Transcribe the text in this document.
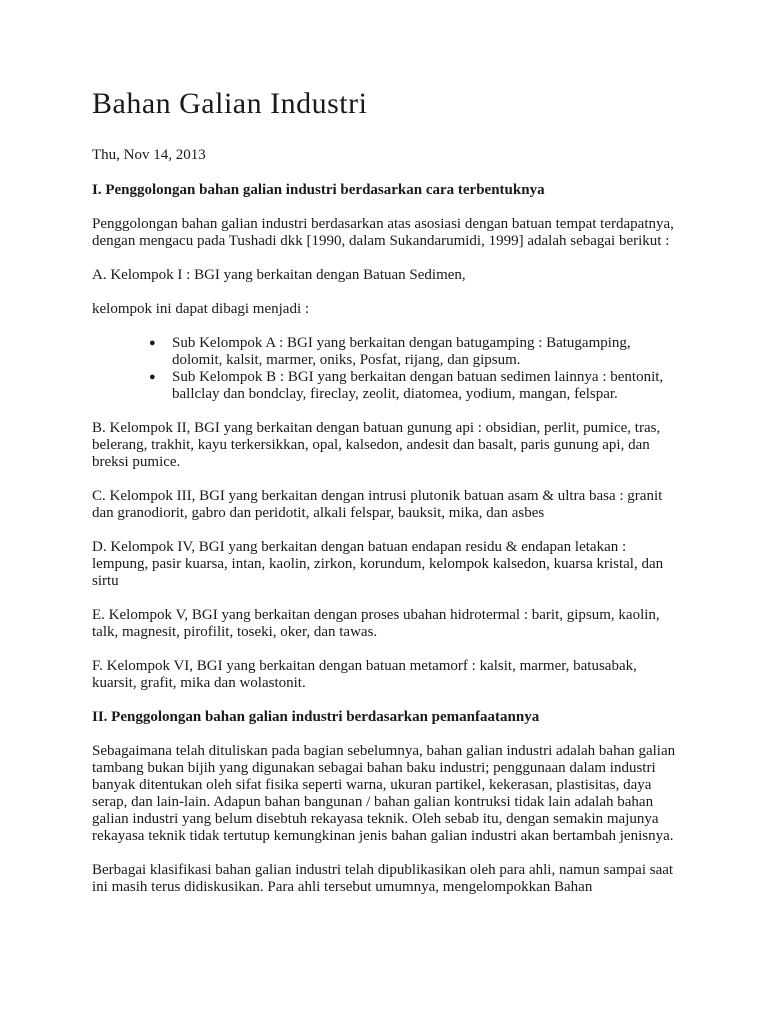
Bahan Galian Industri

Thu, Nov 14, 2013

I. Penggolongan bahan galian industri berdasarkan cara terbentuknya

Penggolongan bahan galian industri berdasarkan atas asosiasi dengan batuan tempat terdapatnya, dengan mengacu pada Tushadi dkk [1990, dalam Sukandarumidi, 1999] adalah sebagai berikut :

A. Kelompok I : BGI yang berkaitan dengan Batuan Sedimen,

kelompok ini dapat dibagi menjadi :

● Sub Kelompok A : BGI yang berkaitan dengan batugamping : Batugamping, dolomit, kalsit, marmer, oniks, Posfat, rijang, dan gipsum.
● Sub Kelompok B : BGI yang berkaitan dengan batuan sedimen lainnya : bentonit, ballclay dan bondclay, fireclay, zeolit, diatomea, yodium, mangan, felspar.

B. Kelompok II, BGI yang berkaitan dengan batuan gunung api : obsidian, perlit, pumice, tras, belerang, trakhit, kayu terkersikkan, opal, kalsedon, andesit dan basalt, paris gunung api, dan breksi pumice.

C. Kelompok III, BGI yang berkaitan dengan intrusi plutonik batuan asam & ultra basa : granit dan granodiorit, gabro dan peridotit, alkali felspar, bauksit, mika, dan asbes

D. Kelompok IV, BGI yang berkaitan dengan batuan endapan residu & endapan letakan : lempung, pasir kuarsa, intan, kaolin, zirkon, korundum, kelompok kalsedon, kuarsa kristal, dan sirtu

E. Kelompok V, BGI yang berkaitan dengan proses ubahan hidrotermal : barit, gipsum, kaolin, talk, magnesit, pirofilit, toseki, oker, dan tawas.

F. Kelompok VI, BGI yang berkaitan dengan batuan metamorf : kalsit, marmer, batusabak, kuarsit, grafit, mika dan wolastonit.

II. Penggolongan bahan galian industri berdasarkan pemanfaatannya

Sebagaimana telah dituliskan pada bagian sebelumnya, bahan galian industri adalah bahan galian tambang bukan bijih yang digunakan sebagai bahan baku industri; penggunaan dalam industri banyak ditentukan oleh sifat fisika seperti warna, ukuran partikel, kekerasan, plastisitas, daya serap, dan lain-lain. Adapun bahan bangunan / bahan galian kontruksi tidak lain adalah bahan galian industri yang belum disebtuh rekayasa teknik. Oleh sebab itu, dengan semakin majunya rekayasa teknik tidak tertutup kemungkinan jenis bahan galian industri akan bertambah jenisnya.

Berbagai klasifikasi bahan galian industri telah dipublikasikan oleh para ahli, namun sampai saat ini masih terus didiskusikan. Para ahli tersebut umumnya, mengelompokkan Bahan
